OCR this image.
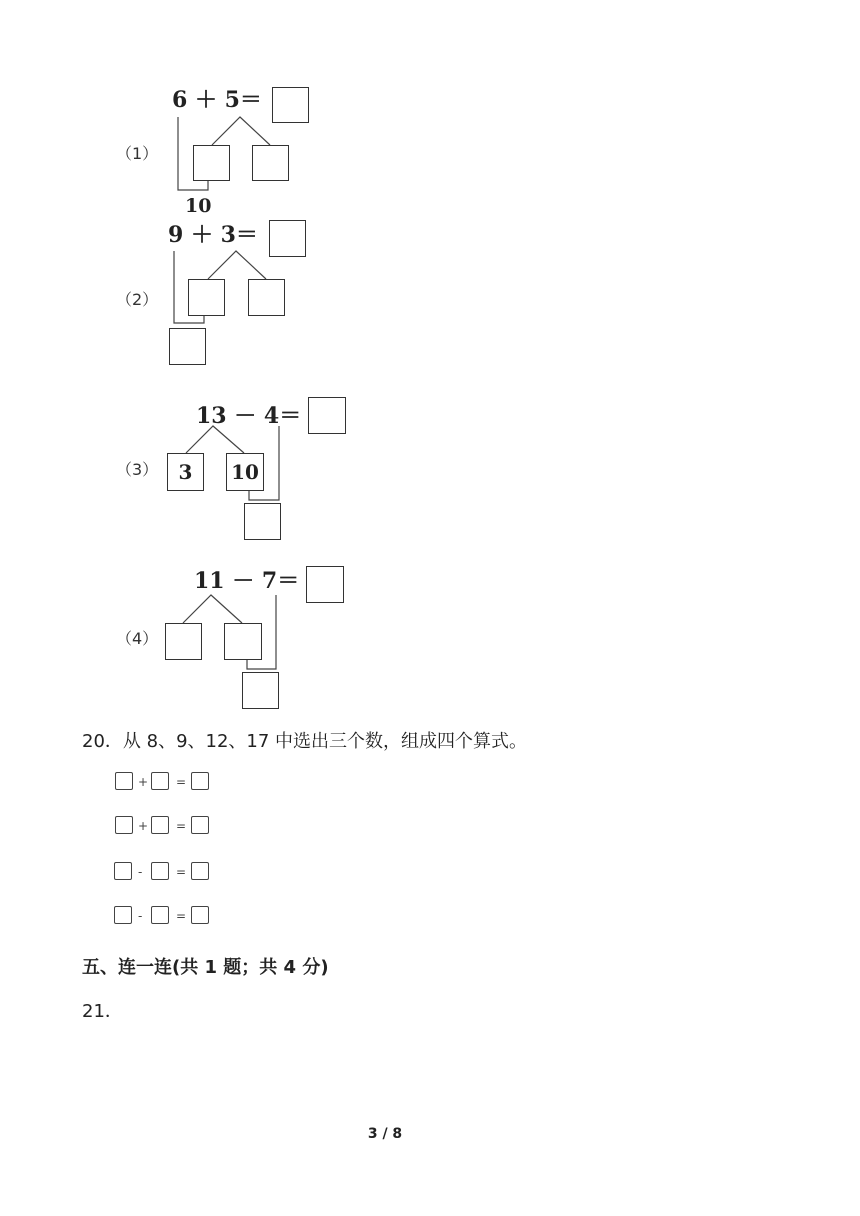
（1）
6 ＋ 5＝
10
（2）
9 ＋ 3＝
（3）
13 － 4＝
3	10
（4）
11 － 7＝
20．从 8、9、12、17 中选出三个数，组成四个算式。
+ =
+ =
-	=
-	=
五、连一连(共 1 题；共 4 分)
21．
3 / 8
